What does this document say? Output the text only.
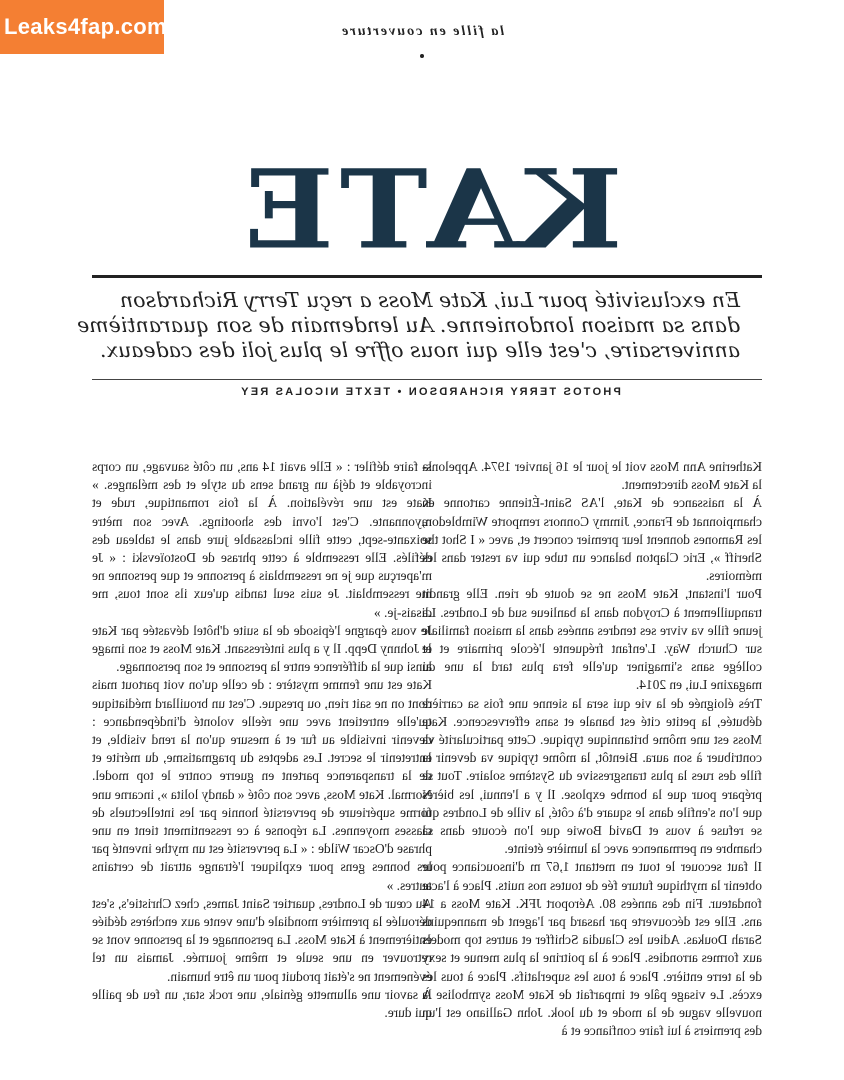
Leaks4fap.com	la fille en couverture
KATE
En exclusivité pour Lui, Kate Moss a reçu Terry Richardson
dans sa maison londonienne. Au lendemain de son quarantième
anniversaire, c'est elle qui nous offre le plus joli des cadeaux.
PHOTOS TERRY RICHARDSON • TEXTE NICOLAS REY

Katherine Ann Moss voit le jour le 16 janvier 1974. Appelons-la Kate Moss directement.

À la naissance de Kate, l'AS Saint-Étienne cartonne en championnat de France, Jimmy Connors remporte Wimbledon, les Ramones donnent leur premier concert et, avec « I Shot the Sheriff », Eric Clapton balance un tube qui va rester dans les mémoires.

Pour l'instant, Kate Moss ne se doute de rien. Elle grandit tranquillement à Croydon dans la banlieue sud de Londres. La jeune fille va vivre ses tendres années dans la maison familiale sur Church Way. L'enfant fréquente l'école primaire et le collège sans s'imaginer qu'elle fera plus tard la une du magazine Lui, en 2014.

Très éloignée de la vie qui sera la sienne une fois sa carrière débutée, la petite cité est banale et sans effervescence. Kate Moss est une môme britannique typique. Cette particularité va contribuer à son aura. Bientôt, la môme typique va devenir la fille des rues la plus transgressive du Système solaire. Tout se prépare pour que la bombe explose. Il y a l'ennui, les bières que l'on s'enfile dans le square d'à côté, la ville de Londres qui se refuse à vous et David Bowie que l'on écoute dans sa chambre en permanence avec la lumière éteinte.

Il faut secouer le tout en mettant 1,67 m d'insouciance pour obtenir la mythique future fée de toutes nos nuits. Place à l'acte fondateur. Fin des années 80. Aéroport JFK. Kate Moss a 14 ans. Elle est découverte par hasard par l'agent de mannequins Sarah Doukas. Adieu les Claudia Schiffer et autres top models aux formes arrondies. Place à la poitrine la plus menue et sexy de la terre entière. Place à tous les superlatifs. Place à tous les excès. Le visage pâle et imparfait de Kate Moss symbolise la nouvelle vague de la mode et du look. John Galliano est l'un des premiers à lui faire confiance et à

la faire défiler : « Elle avait 14 ans, un côté sauvage, un corps incroyable et déjà un grand sens du style et des mélanges. » Kate est une révélation. À la fois romantique, rude et rayonnante. C'est l'ovni des shootings. Avec son mètre soixante-sept, cette fille inclassable jure dans le tableau des défilés. Elle ressemble à cette phrase de Dostoïevski : « Je m'aperçus que je ne ressemblais à personne et que personne ne me ressemblait. Je suis seul tandis qu'eux ils sont tous, me disais-je. »

Je vous épargne l'épisode de la suite d'hôtel dévastée par Kate et Johnny Depp. Il y a plus intéressant. Kate Moss et son image ainsi que la différence entre la personne et son personnage.

Kate est une femme mystère : de celle qu'on voit partout mais dont on ne sait rien, ou presque. C'est un brouillard médiatique qu'elle entretient avec une réelle volonté d'indépendance : devenir invisible au fur et à mesure qu'on la rend visible, et entretenir le secret. Les adeptes du pragmatisme, du mérite et de la transparence partent en guerre contre le top model. Normal. Kate Moss, avec son côté « dandy lolita », incarne une forme supérieure de perversité honnie par les intellectuels de classes moyennes. La réponse à ce ressentiment tient en une phrase d'Oscar Wilde : « La perversité est un mythe inventé par les bonnes gens pour expliquer l'étrange attrait de certains autres. »

Au cœur de Londres, quartier Saint James, chez Christie's, s'est déroulée la première mondiale d'une vente aux enchères dédiée entièrement à Kate Moss. La personnage et la personne vont se retrouver en une seule et même journée. Jamais un tel événement ne s'était produit pour un être humain.

À savoir une allumette géniale, une rock star, un feu de paille qui dure.
